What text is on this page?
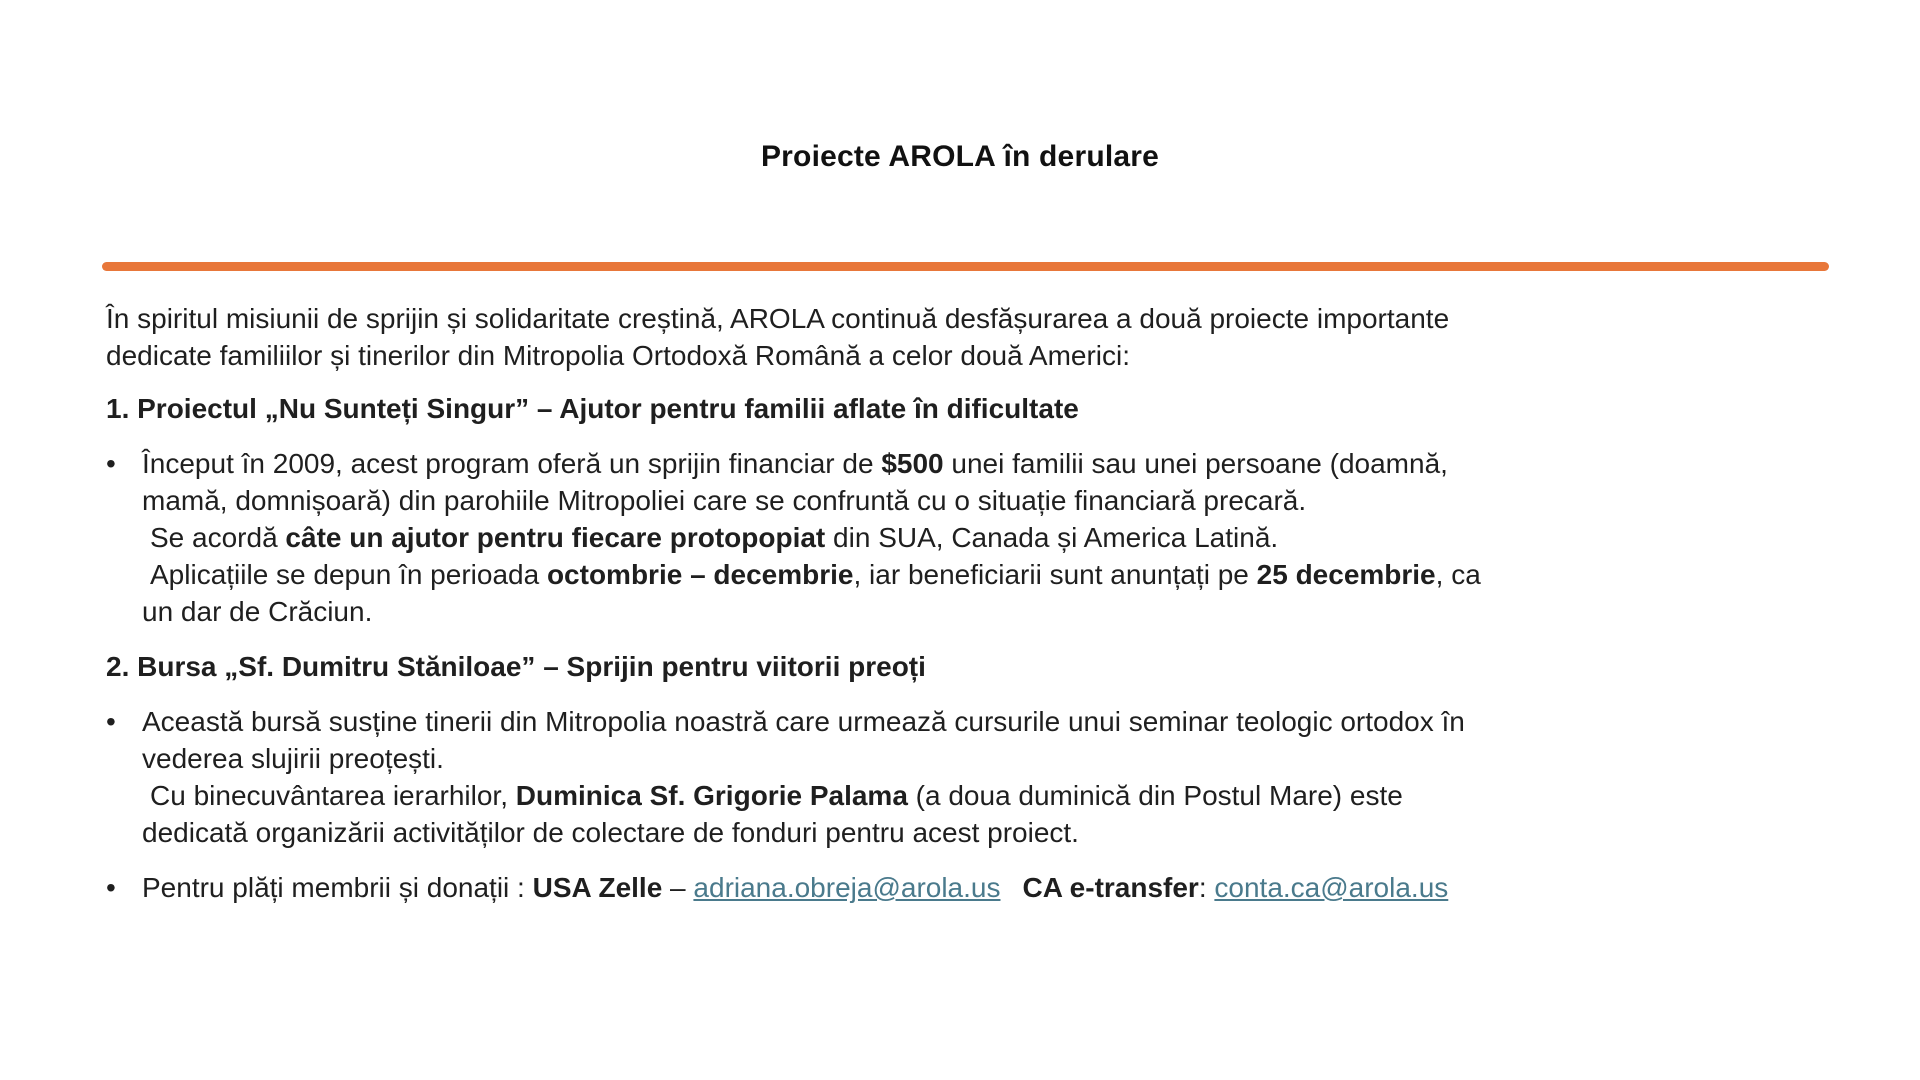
Proiecte AROLA în derulare
În spiritul misiunii de sprijin și solidaritate creștină, AROLA continuă desfășurarea a două proiecte importante
dedicate familiilor și tinerilor din Mitropolia Ortodoxă Română a celor două Americi:
1. Proiectul „Nu Sunteți Singur” – Ajutor pentru familii aflate în dificultate
• Început în 2009, acest program oferă un sprijin financiar de $500 unei familii sau unei persoane (doamnă,
mamă, domnișoară) din parohiile Mitropoliei care se confruntă cu o situație financiară precară.
Se acordă câte un ajutor pentru fiecare protopopiat din SUA, Canada și America Latină.
Aplicațiile se depun în perioada octombrie – decembrie, iar beneficiarii sunt anunțați pe 25 decembrie, ca
un dar de Crăciun.
2. Bursa „Sf. Dumitru Stăniloae” – Sprijin pentru viitorii preoți
• Această bursă susține tinerii din Mitropolia noastră care urmează cursurile unui seminar teologic ortodox în
vederea slujirii preoțești.
Cu binecuvântarea ierarhilor, Duminica Sf. Grigorie Palama (a doua duminică din Postul Mare) este
dedicată organizării activităților de colectare de fonduri pentru acest proiect.
• Pentru plăți membrii și donații : USA Zelle – adriana.obreja@arola.us CA e-transfer: conta.ca@arola.us
